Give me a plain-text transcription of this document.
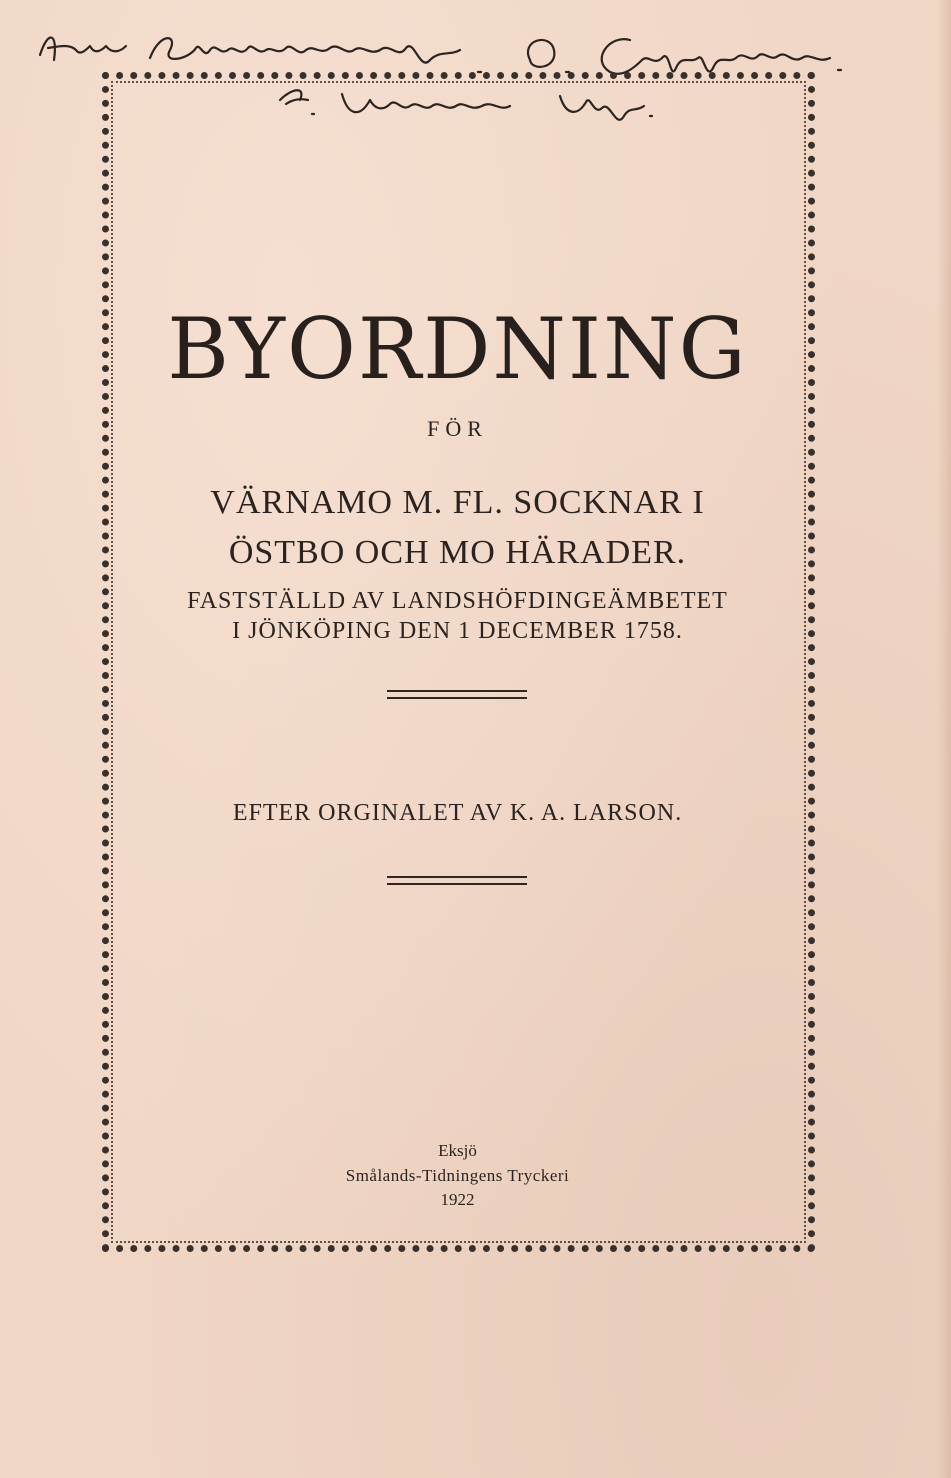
BYORDNING
FÖR
VÄRNAMO M. FL. SOCKNAR I
ÖSTBO OCH MO HÄRADER.
FASTSTÄLLD AV LANDSHÖFDINGEÄMBETET
I JÖNKÖPING DEN 1 DECEMBER 1758.
EFTER ORGINALET AV K. A. LARSON.
Eksjö
Smålands-Tidningens Tryckeri
1922
